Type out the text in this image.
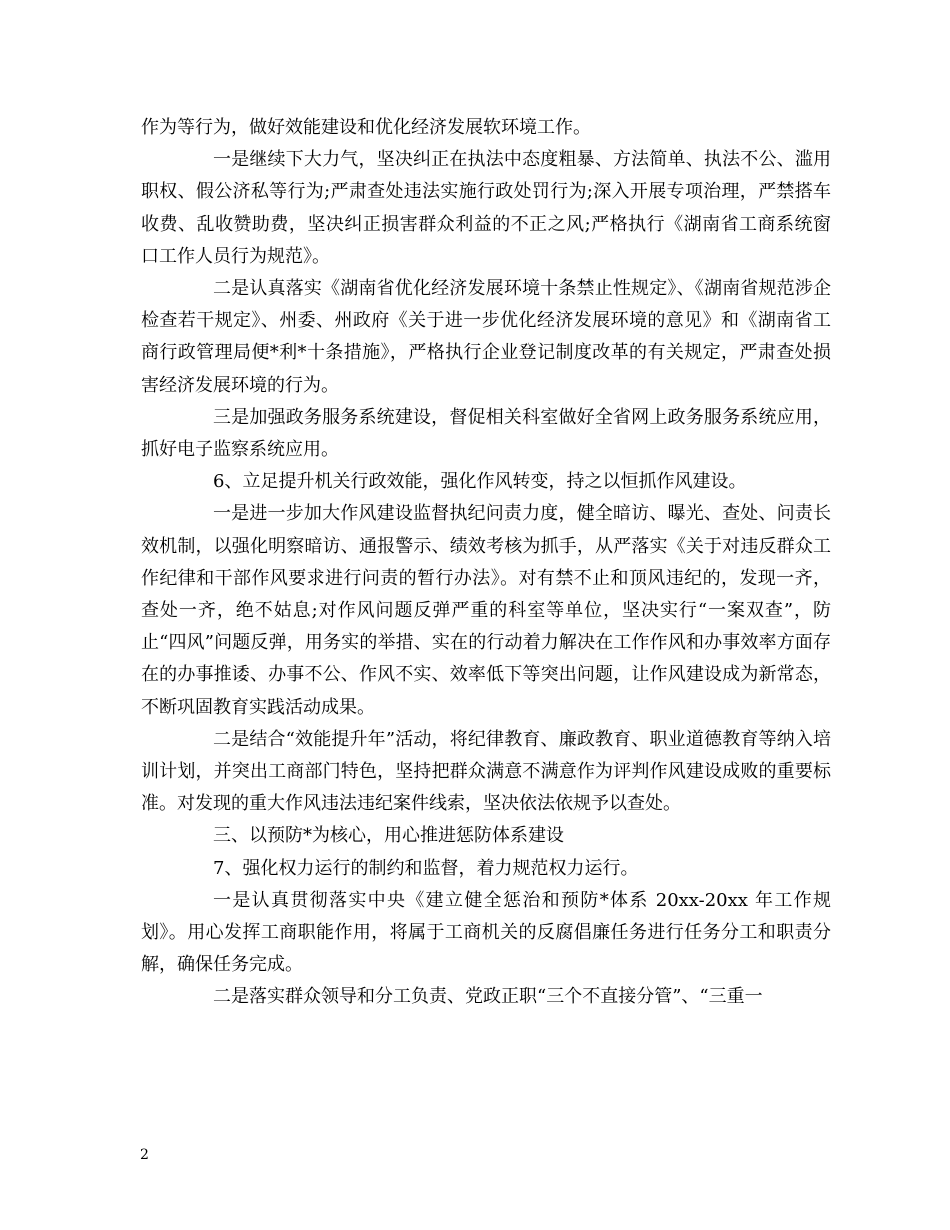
作为等行为，做好效能建设和优化经济发展软环境工作。

一是继续下大力气，坚决纠正在执法中态度粗暴、方法简单、执法不公、滥用职权、假公济私等行为;严肃查处违法实施行政处罚行为;深入开展专项治理，严禁搭车收费、乱收赞助费，坚决纠正损害群众利益的不正之风;严格执行《湖南省工商系统窗口工作人员行为规范》。

二是认真落实《湖南省优化经济发展环境十条禁止性规定》、《湖南省规范涉企检查若干规定》、州委、州政府《关于进一步优化经济发展环境的意见》和《湖南省工商行政管理局便*利*十条措施》，严格执行企业登记制度改革的有关规定，严肃查处损害经济发展环境的行为。

三是加强政务服务系统建设，督促相关科室做好全省网上政务服务系统应用，抓好电子监察系统应用。

6、立足提升机关行政效能，强化作风转变，持之以恒抓作风建设。

一是进一步加大作风建设监督执纪问责力度，健全暗访、曝光、查处、问责长效机制，以强化明察暗访、通报警示、绩效考核为抓手，从严落实《关于对违反群众工作纪律和干部作风要求进行问责的暂行办法》。对有禁不止和顶风违纪的，发现一齐，查处一齐，绝不姑息;对作风问题反弹严重的科室等单位，坚决实行“一案双查”，防止“四风”问题反弹，用务实的举措、实在的行动着力解决在工作作风和办事效率方面存在的办事推诿、办事不公、作风不实、效率低下等突出问题，让作风建设成为新常态，不断巩固教育实践活动成果。

二是结合“效能提升年”活动，将纪律教育、廉政教育、职业道德教育等纳入培训计划，并突出工商部门特色，坚持把群众满意不满意作为评判作风建设成败的重要标准。对发现的重大作风违法违纪案件线索，坚决依法依规予以查处。

三、以预防*为核心，用心推进惩防体系建设

7、强化权力运行的制约和监督，着力规范权力运行。

一是认真贯彻落实中央《建立健全惩治和预防*体系 20xx-20xx 年工作规划》。用心发挥工商职能作用，将属于工商机关的反腐倡廉任务进行任务分工和职责分解，确保任务完成。

二是落实群众领导和分工负责、党政正职“三个不直接分管”、“三重一

2
